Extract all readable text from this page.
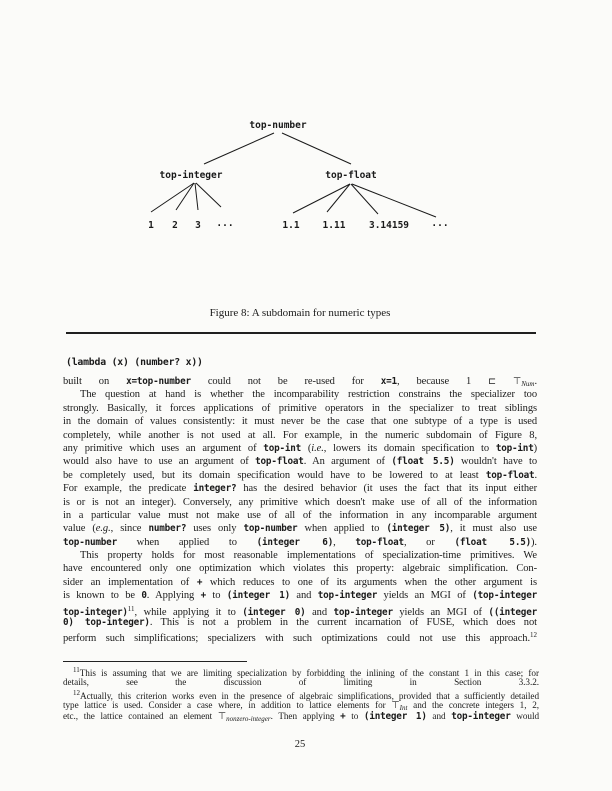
top-number
top-integer	top-float
1 2 3 ...	1.1 1.11 3.14159 ...
Figure 8: A subdomain for numeric types
(lambda (x) (number? x))
built on x=top-number could not be re-used for x=1, because 1 ⊏ ⊤Num.
The question at hand is whether the incomparability restriction constrains the specializer too
strongly. Basically, it forces applications of primitive operators in the specializer to treat siblings
in the domain of values consistently: it must never be the case that one subtype of a type is used
completely, while another is not used at all. For example, in the numeric subdomain of Figure 8,
any primitive which uses an argument of top-int (i.e., lowers its domain specification to top-int)
would also have to use an argument of top-float. An argument of (float 5.5) wouldn't have to
be completely used, but its domain specification would have to be lowered to at least top-float.
For example, the predicate integer? has the desired behavior (it uses the fact that its input either
is or is not an integer). Conversely, any primitive which doesn't make use of all of the information
in a particular value must not make use of all of the information in any incomparable argument
value (e.g., since number? uses only top-number when applied to (integer 5), it must also use
top-number when applied to (integer 6), top-float, or (float 5.5)).
This property holds for most reasonable implementations of specialization-time primitives. We
have encountered only one optimization which violates this property: algebraic simplification. Con-
sider an implementation of + which reduces to one of its arguments when the other argument is
is known to be 0. Applying + to (integer 1) and top-integer yields an MGI of (top-integer
top-integer)$^{11}$, while applying it to (integer 0) and top-integer yields an MGI of ((integer
0) top-integer). This is not a problem in the current incarnation of FUSE, which does not
perform such simplifications; specializers with such optimizations could not use this approach.$^{12}$
$^{11}$This is assuming that we are limiting specialization by forbidding the inlining of the constant 1 in this case; for
details, see the discussion of limiting in Section 3.3.2.
$^{12}$Actually, this criterion works even in the presence of algebraic simplifications, provided that a sufficiently detailed
type lattice is used. Consider a case where, in addition to lattice elements for $⊤_{Int}$ and the concrete integers 1, 2,
etc., the lattice contained an element $⊤_{nonzero-integer}$. Then applying + to (integer 1) and top-integer would
25
